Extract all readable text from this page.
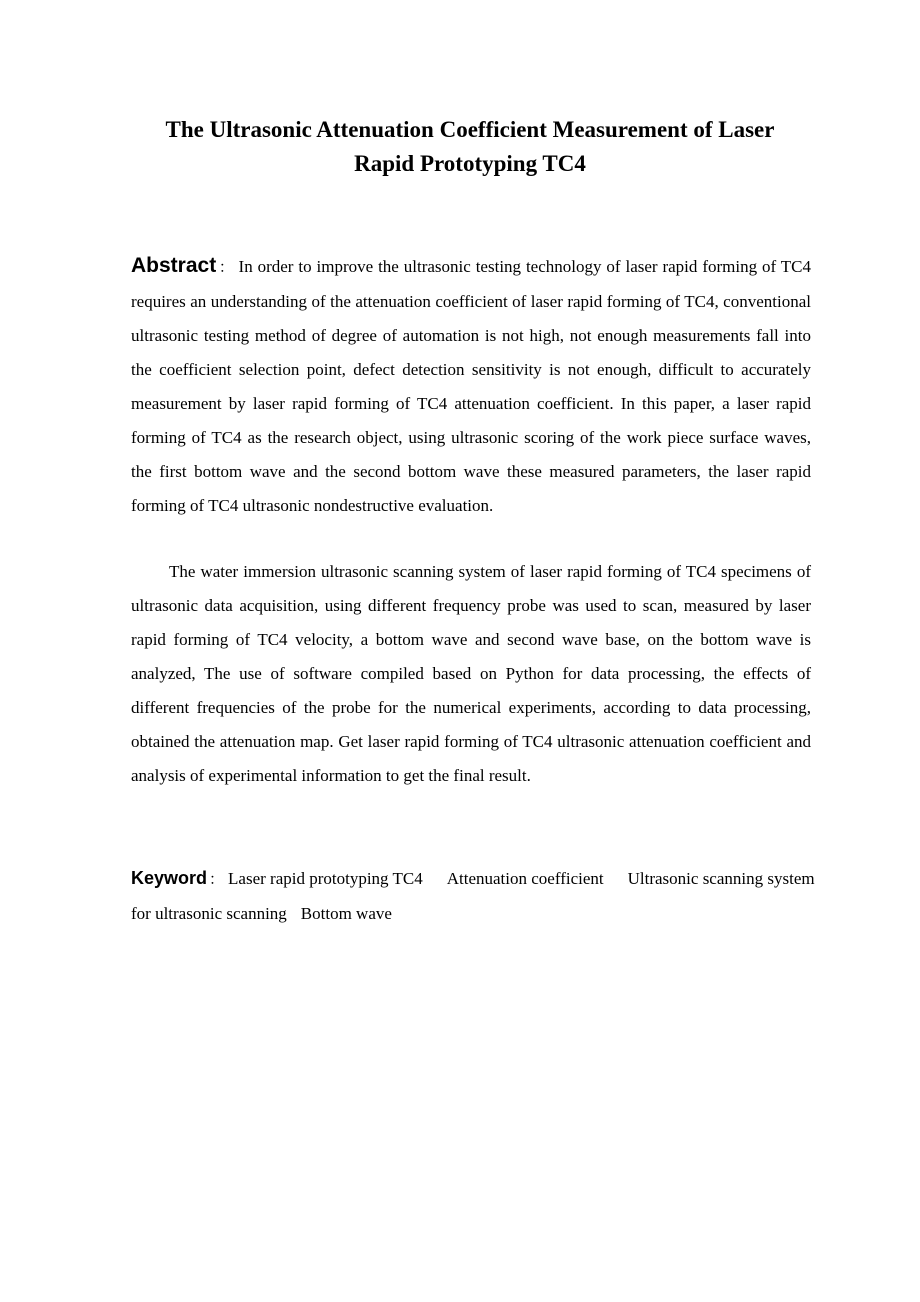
The Ultrasonic Attenuation Coefficient Measurement of Laser
Rapid Prototyping TC4
Abstract ： In order to improve the ultrasonic testing technology of laser rapid forming of TC4 requires an understanding of the attenuation coefficient of laser rapid forming of TC4, conventional ultrasonic testing method of degree of automation is not high, not enough measurements fall into the coefficient selection point, defect detection sensitivity is not enough, difficult to accurately measurement by laser rapid forming of TC4 attenuation coefficient. In this paper, a laser rapid forming of TC4 as the research object, using ultrasonic scoring of the work piece surface waves, the first bottom wave and the second bottom wave these measured parameters, the laser rapid forming of TC4 ultrasonic nondestructive evaluation.
The water immersion ultrasonic scanning system of laser rapid forming of TC4 specimens of ultrasonic data acquisition, using different frequency probe was used to scan, measured by laser rapid forming of TC4 velocity, a bottom wave and second wave base, on the bottom wave is analyzed, The use of software compiled based on Python for data processing, the effects of different frequencies of the probe for the numerical experiments, according to data processing, obtained the attenuation map. Get laser rapid forming of TC4 ultrasonic attenuation coefficient and analysis of experimental information to get the final result.
Keyword ： Laser rapid prototyping TC4 Attenuation coefficient Ultrasonic scanning system for ultrasonic scanning Bottom wave
